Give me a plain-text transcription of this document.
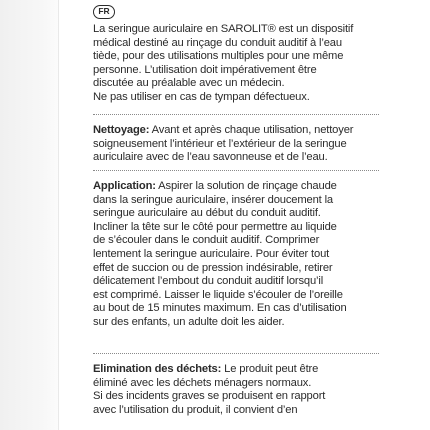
FR
La seringue auriculaire en SAROLIT® est un dispositif
médical destiné au rinçage du conduit auditif à l’eau
tiède, pour des utilisations multiples pour une même
personne. L’utilisation doit impérativement être
discutée au préalable avec un médecin.
Ne pas utiliser en cas de tympan défectueux.
Nettoyage: Avant et après chaque utilisation, nettoyer
soigneusement l’intérieur et l’extérieur de la seringue
auriculaire avec de l’eau savonneuse et de l’eau.
Application: Aspirer la solution de rinçage chaude
dans la seringue auriculaire, insérer doucement la
seringue auriculaire au début du conduit auditif.
Incliner la tête sur le côté pour permettre au liquide
de s’écouler dans le conduit auditif. Comprimer
lentement la seringue auriculaire. Pour éviter tout
effet de succion ou de pression indésirable, retirer
délicatement l’embout du conduit auditif lorsqu’il
est comprimé. Laisser le liquide s’écouler de l’oreille
au bout de 15 minutes maximum. En cas d’utilisation
sur des enfants, un adulte doit les aider.
Elimination des déchets: Le produit peut être
éliminé avec les déchets ménagers normaux.
Si des incidents graves se produisent en rapport
avec l’utilisation du produit, il convient d’en
